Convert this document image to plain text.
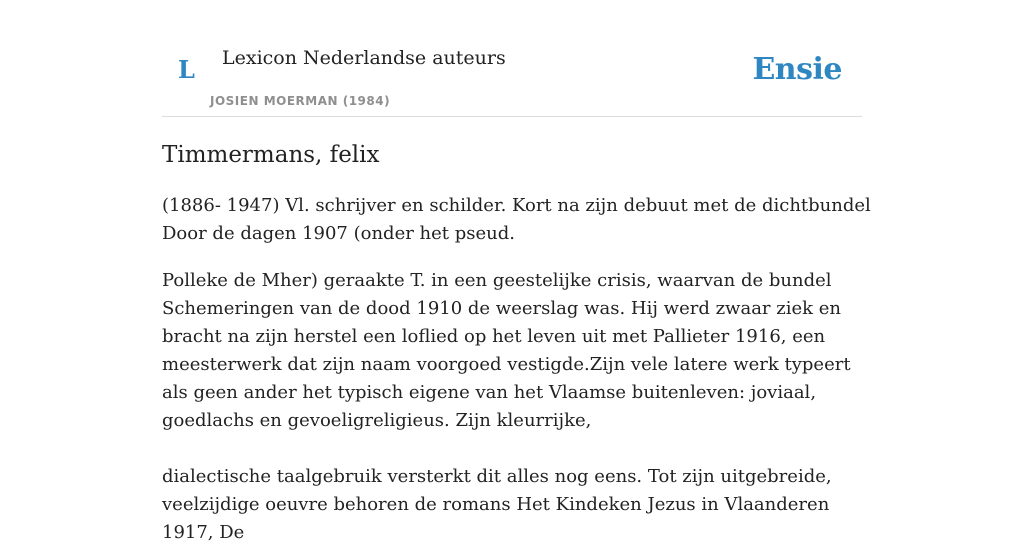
L Lexicon Nederlandse auteurs
JOSIEN MOERMAN (1984)
Ensie
Timmermans, felix

(1886- 1947) Vl. schrijver en schilder. Kort na zijn debuut met de dichtbundel Door de dagen 1907 (onder het pseud.

Polleke de Mher) geraakte T. in een geestelijke crisis, waarvan de bundel Schemeringen van de dood 1910 de weerslag was. Hij werd zwaar ziek en bracht na zijn herstel een loflied op het leven uit met Pallieter 1916, een meesterwerk dat zijn naam voorgoed vestigde.Zijn vele latere werk typeert als geen ander het typisch eigene van het Vlaamse buitenleven: joviaal, goedlachs en gevoeligreligieus. Zijn kleurrijke,

dialectische taalgebruik versterkt dit alles nog eens. Tot zijn uitgebreide, veelzijdige oeuvre behoren de romans Het Kindeken Jezus in Vlaanderen 1917, De
